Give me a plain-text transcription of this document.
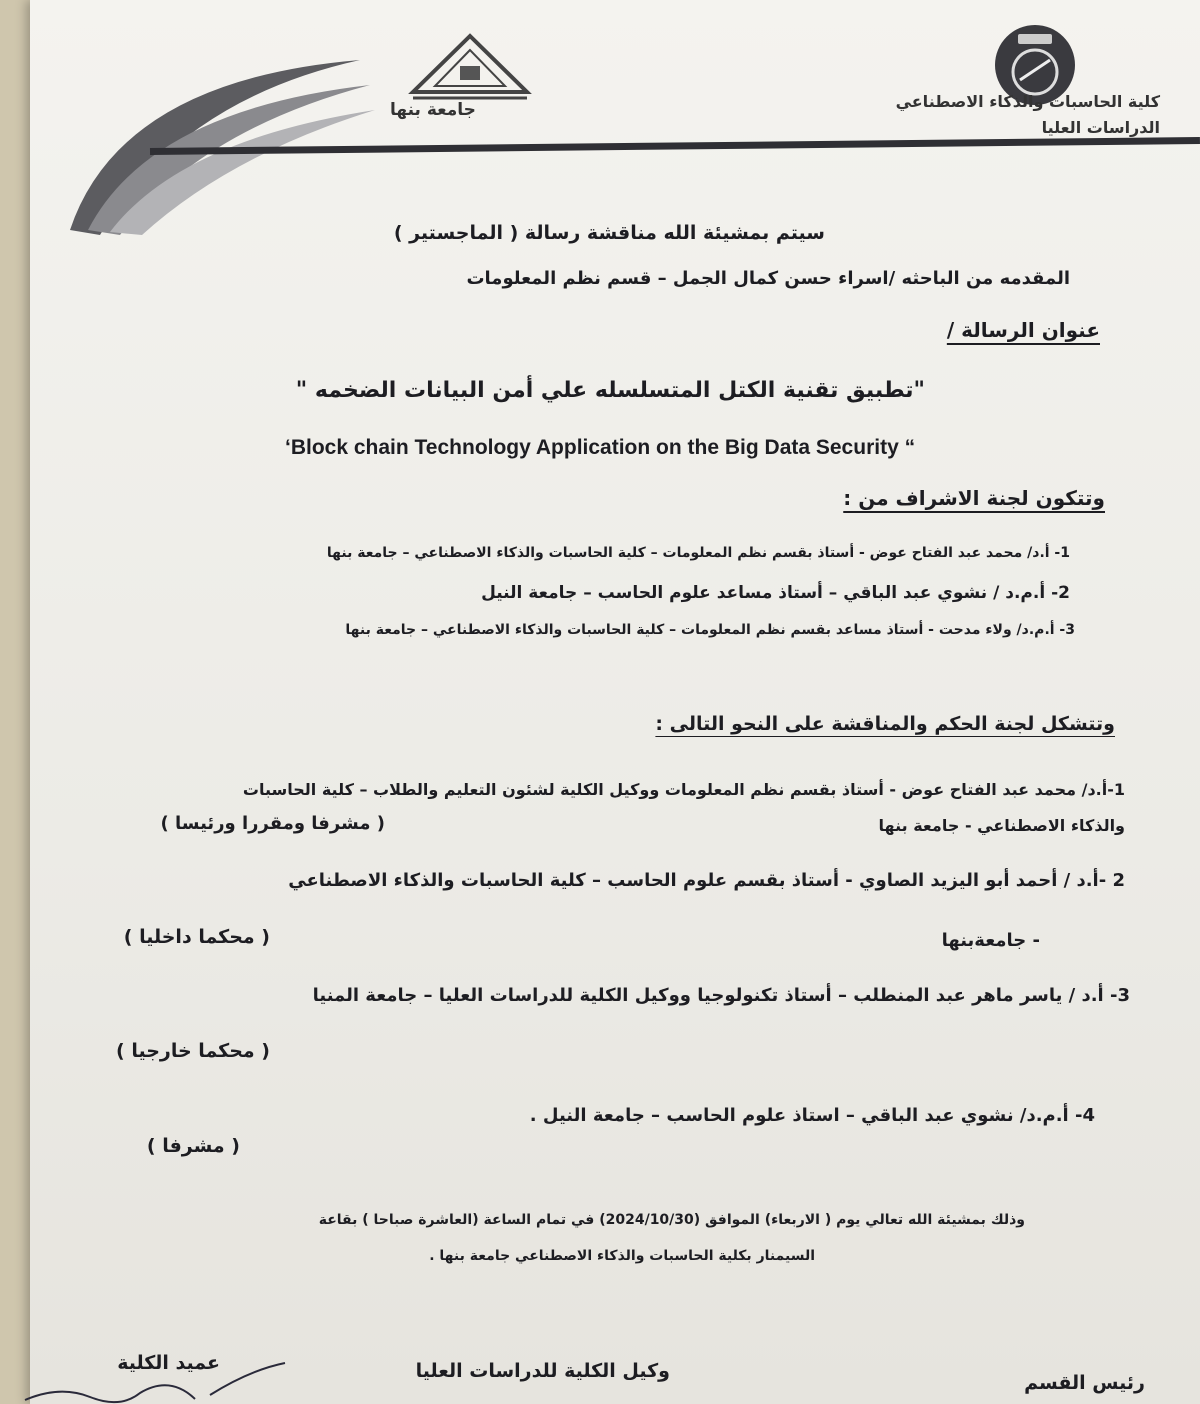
جامعة بنها	كلية الحاسبات والذكاء الاصطناعي
الدراسات العليا
سيتم بمشيئة الله مناقشة رسالة ( الماجستير )
المقدمه من الباحثه /اسراء حسن كمال الجمل – قسم نظم المعلومات
عنوان الرسالة /
"تطبيق تقنية الكتل المتسلسله علي أمن البيانات الضخمه "
‘Block chain Technology Application on the Big Data Security “
وتتكون لجنة الاشراف من :
1- أ.د/ محمد عبد الفتاح عوض - أستاذ بقسم نظم المعلومات – كلية الحاسبات والذكاء الاصطناعي – جامعة بنها
2- أ.م.د / نشوي عبد الباقي – أستاذ مساعد علوم الحاسب – جامعة النيل
3- أ.م.د/ ولاء مدحت - أستاذ مساعد بقسم نظم المعلومات – كلية الحاسبات والذكاء الاصطناعي – جامعة بنها
وتتشكل لجنة الحكم والمناقشة على النحو التالى :
1-أ.د/ محمد عبد الفتاح عوض - أستاذ بقسم نظم المعلومات ووكيل الكلية لشئون التعليم والطلاب – كلية الحاسبات
والذكاء الاصطناعي - جامعة بنها
( مشرفا ومقررا ورئيسا )
2 -أ.د / أحمد أبو اليزيد الصاوي - أستاذ بقسم علوم الحاسب – كلية الحاسبات والذكاء الاصطناعي
- جامعةبنها
( محكما داخليا )
3- أ.د / ياسر ماهر عبد المنطلب – أستاذ تكنولوجيا ووكيل الكلية للدراسات العليا – جامعة المنيا
( محكما خارجيا )
4- أ.م.د/ نشوي عبد الباقي – استاذ علوم الحاسب – جامعة النيل .
( مشرفا )
وذلك بمشيئة الله تعالي يوم ( الاربعاء) الموافق (2024/10/30) في تمام الساعة (العاشرة صباحا ) بقاعة
السيمنار بكلية الحاسبات والذكاء الاصطناعي جامعة بنها .
رئيس القسم
وكيل الكلية للدراسات العليا
عميد الكلية
